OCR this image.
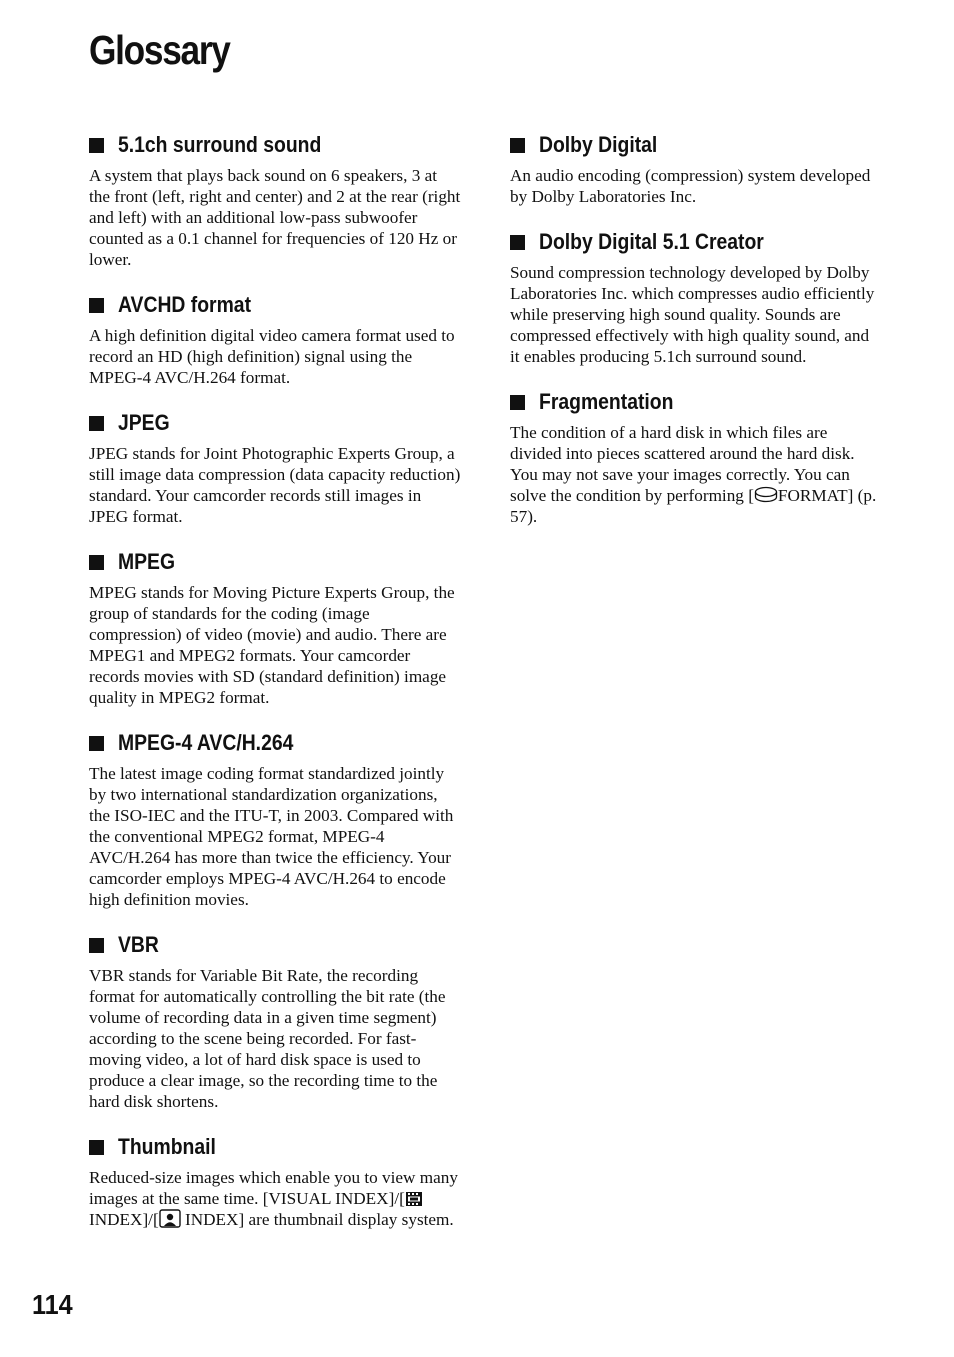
Glossary
5.1ch surround sound

A system that plays back sound on 6 speakers, 3 at the front (left, right and center) and 2 at the rear (right and left) with an additional low-pass subwoofer counted as a 0.1 channel for frequencies of 120 Hz or lower.

AVCHD format

A high definition digital video camera format used to record an HD (high definition) signal using the MPEG-4 AVC/H.264 format.

JPEG

JPEG stands for Joint Photographic Experts Group, a still image data compression (data capacity reduction) standard. Your camcorder records still images in JPEG format.

MPEG

MPEG stands for Moving Picture Experts Group, the group of standards for the coding (image compression) of video (movie) and audio. There are MPEG1 and MPEG2 formats. Your camcorder records movies with SD (standard definition) image quality in MPEG2 format.

MPEG-4 AVC/H.264

The latest image coding format standardized jointly by two international standardization organizations, the ISO-IEC and the ITU-T, in 2003. Compared with the conventional MPEG2 format, MPEG-4 AVC/H.264 has more than twice the efficiency. Your camcorder employs MPEG-4 AVC/H.264 to encode high definition movies.

VBR

VBR stands for Variable Bit Rate, the recording format for automatically controlling the bit rate (the volume of recording data in a given time segment) according to the scene being recorded. For fast-moving video, a lot of hard disk space is used to produce a clear image, so the recording time to the hard disk shortens.

Thumbnail

Reduced-size images which enable you to view many images at the same time. [VISUAL INDEX]/[ INDEX]/[ INDEX] are thumbnail display system.

Dolby Digital

An audio encoding (compression) system developed by Dolby Laboratories Inc.

Dolby Digital 5.1 Creator

Sound compression technology developed by Dolby Laboratories Inc. which compresses audio efficiently while preserving high sound quality. Sounds are compressed effectively with high quality sound, and it enables producing 5.1ch surround sound.

Fragmentation

The condition of a hard disk in which files are divided into pieces scattered around the hard disk. You may not save your images correctly. You can solve the condition by performing [ FORMAT] (p. 57).

114
